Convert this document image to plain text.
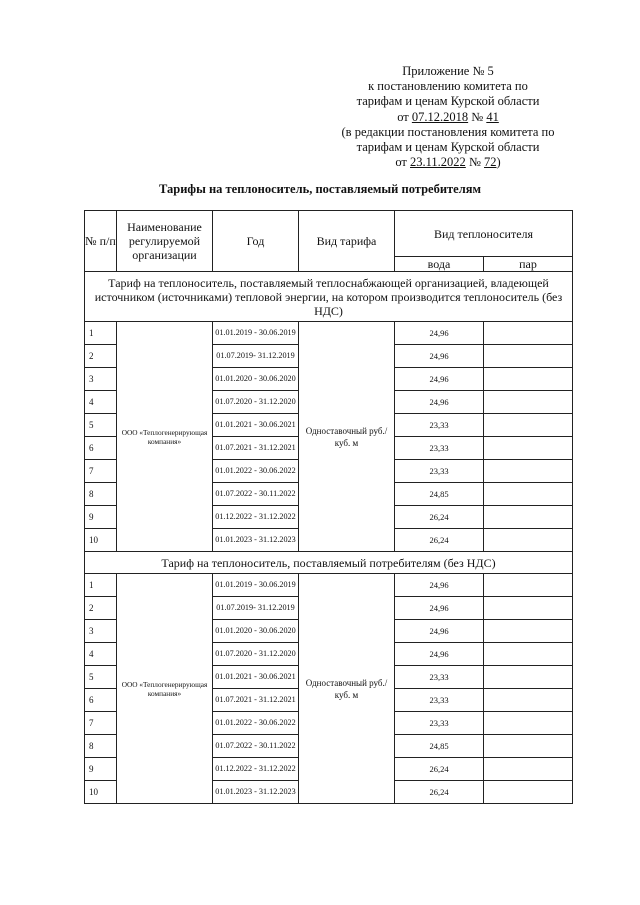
Приложение № 5
к постановлению комитета по
тарифам и ценам Курской области
от 07.12.2018 № 41
(в редакции постановления комитета по
тарифам и ценам Курской области
от 23.11.2022 № 72)
Тарифы на теплоноситель, поставляемый потребителям
№ п/п	Наименование регулируемой организации	Год	Вид тарифа	Вид теплоносителя	
				вода	пар
Тариф на теплоноситель, поставляемый теплоснабжающей организацией, владеющей источником (источниками) тепловой энергии, на котором производится теплоноситель (без НДС)					
1	ООО «Теплогенерирующая компания»	01.01.2019 - 30.06.2019	Одноставочный руб./куб. м	24,96	
2		01.07.2019- 31.12.2019		24,96	
3		01.01.2020 - 30.06.2020		24,96	
4		01.07.2020 - 31.12.2020		24,96	
5		01.01.2021 - 30.06.2021		23,33	
6		01.07.2021 - 31.12.2021		23,33	
7		01.01.2022 - 30.06.2022		23,33	
8		01.07.2022 - 30.11.2022		24,85	
9		01.12.2022 - 31.12.2022		26,24	
10		01.01.2023 - 31.12.2023		26,24	
Тариф на теплоноситель, поставляемый потребителям (без НДС)					
1	ООО «Теплогенерирующая компания»	01.01.2019 - 30.06.2019	Одноставочный руб./куб. м	24,96	
2		01.07.2019- 31.12.2019		24,96	
3		01.01.2020 - 30.06.2020		24,96	
4		01.07.2020 - 31.12.2020		24,96	
5		01.01.2021 - 30.06.2021		23,33	
6		01.07.2021 - 31.12.2021		23,33	
7		01.01.2022 - 30.06.2022		23,33	
8		01.07.2022 - 30.11.2022		24,85	
9		01.12.2022 - 31.12.2022		26,24	
10		01.01.2023 - 31.12.2023		26,24	
